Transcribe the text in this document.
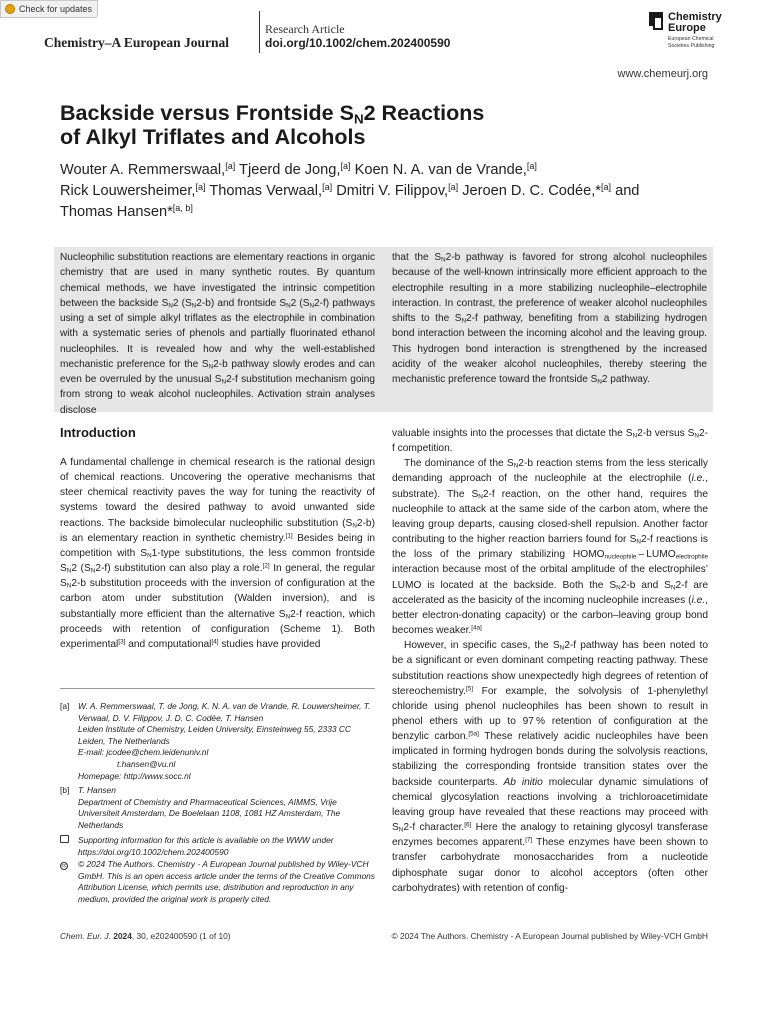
Check for updates
Chemistry–A European Journal
Research Article
doi.org/10.1002/chem.202400590
Chemistry
Europe
European Chemical
Societies Publishing
www.chemeurj.org
Backside versus Frontside $S_N2$ Reactions
of Alkyl Triflates and Alcohols
Wouter A. Remmerswaal,[a] Tjeerd de Jong,[a] Koen N. A. van de Vrande,[a]
Rick Louwersheimer,[a] Thomas Verwaal,[a] Dmitri V. Filippov,[a] Jeroen D. C. Codée,*[a] and
Thomas Hansen*[a, b]
Nucleophilic substitution reactions are elementary reactions in organic chemistry that are used in many synthetic routes. By quantum chemical methods, we have investigated the intrinsic competition between the backside $S_N2$ $(S_N2-b)$ and frontside $S_N2$ $(S_N2-f)$ pathways using a set of simple alkyl triflates as the electrophile in combination with a systematic series of phenols and partially fluorinated ethanol nucleophiles. It is revealed how and why the well-established mechanistic preference for the $S_N2-b$ pathway slowly erodes and can even be overruled by the unusual $S_N2-f$ substitution mechanism going from strong to weak alcohol nucleophiles. Activation strain analyses disclose
that the $S_N2-b$ pathway is favored for strong alcohol nucleophiles because of the well-known intrinsically more efficient approach to the electrophile resulting in a more stabilizing nucleophile–electrophile interaction. In contrast, the preference of weaker alcohol nucleophiles shifts to the $S_N2-f$ pathway, benefiting from a stabilizing hydrogen bond interaction between the incoming alcohol and the leaving group. This hydrogen bond interaction is strengthened by the increased acidity of the weaker alcohol nucleophiles, thereby steering the mechanistic preference toward the frontside $S_N2$ pathway.
Introduction

A fundamental challenge in chemical research is the rational design of chemical reactions. Uncovering the operative mechanisms that steer chemical reactivity paves the way for tuning the reactivity of systems toward the desired pathway to avoid unwanted side reactions. The backside bimolecular nucleophilic substitution $(S_N2-b)$ is an elementary reaction in synthetic chemistry.[1] Besides being in competition with $S_N1$-type substitutions, the less common frontside $S_N2$ $(S_N2-f)$ substitution can also play a role.[2] In general, the regular $S_N2-b$ substitution proceeds with the inversion of configuration at the carbon atom under substitution (Walden inversion), and is substantially more efficient than the alternative $S_N2-f$ reaction, which proceeds with retention of configuration (Scheme 1). Both experimental[3] and computational[4] studies have provided

[a] W. A. Remmerswaal, T. de Jong, K. N. A. van de Vrande, R. Louwersheimer, T. Verwaal, D. V. Filippov, J. D. C. Codée, T. Hansen
Leiden Institute of Chemistry, Leiden University, Einsteinweg 55, 2333 CC Leiden, The Netherlands
E-mail: jcodee@chem.leidenuniv.nl
t.hansen@vu.nl
Homepage: http://www.socc.nl
[b] T. Hansen
Department of Chemistry and Pharmaceutical Sciences, AIMMS, Vrije Universiteit Amsterdam, De Boelelaan 1108, 1081 HZ Amsterdam, The Netherlands
Supporting information for this article is available on the WWW under https://doi.org/10.1002/chem.202400590
cc © 2024 The Authors. Chemistry - A European Journal published by Wiley-VCH GmbH. This is an open access article under the terms of the Creative Commons Attribution License, which permits use, distribution and reproduction in any medium, provided the original work is properly cited.

valuable insights into the processes that dictate the $S_N2-b$ versus $S_N2-f$ competition.

The dominance of the $S_N2-b$ reaction stems from the less sterically demanding approach of the nucleophile at the electrophile (i.e., substrate). The $S_N2-f$ reaction, on the other hand, requires the nucleophile to attack at the same side of the carbon atom, where the leaving group departs, causing closed-shell repulsion. Another factor contributing to the higher reaction barriers found for $S_N2-f$ reactions is the loss of the primary stabilizing $HOMO_{nucleophile}$ – $LUMO_{electrophile}$ interaction because most of the orbital amplitude of the electrophiles’ LUMO is located at the backside. Both the $S_N2-b$ and $S_N2-f$ are accelerated as the basicity of the incoming nucleophile increases (i.e., better electron-donating capacity) or the carbon–leaving group bond becomes weaker.[4a]

However, in specific cases, the $S_N2-f$ pathway has been noted to be a significant or even dominant competing reacting pathway. These substitution reactions show unexpectedly high degrees of retention of stereochemistry.[5] For example, the solvolysis of 1-phenylethyl chloride using phenol nucleophiles has been shown to result in phenol ethers with up to 97 % retention of configuration at the benzylic carbon.[5a] These relatively acidic nucleophiles have been implicated in forming hydrogen bonds during the solvolysis reactions, stabilizing the corresponding frontside transition states over the backside counterparts. Ab initio molecular dynamic simulations of chemical glycosylation reactions involving a trichloroacetimidate leaving group have revealed that these reactions may proceed with $S_N2-f$ character.[6] Here the analogy to retaining glycosyl transferase enzymes becomes apparent.[7] These enzymes have been shown to transfer carbohydrate monosaccharides from a nucleotide diphosphate sugar donor to alcohol acceptors (often other carbohydrates) with retention of config-

Chem. Eur. J. 2024, 30, e202400590 (1 of 10)	© 2024 The Authors. Chemistry - A European Journal published by Wiley-VCH GmbH
